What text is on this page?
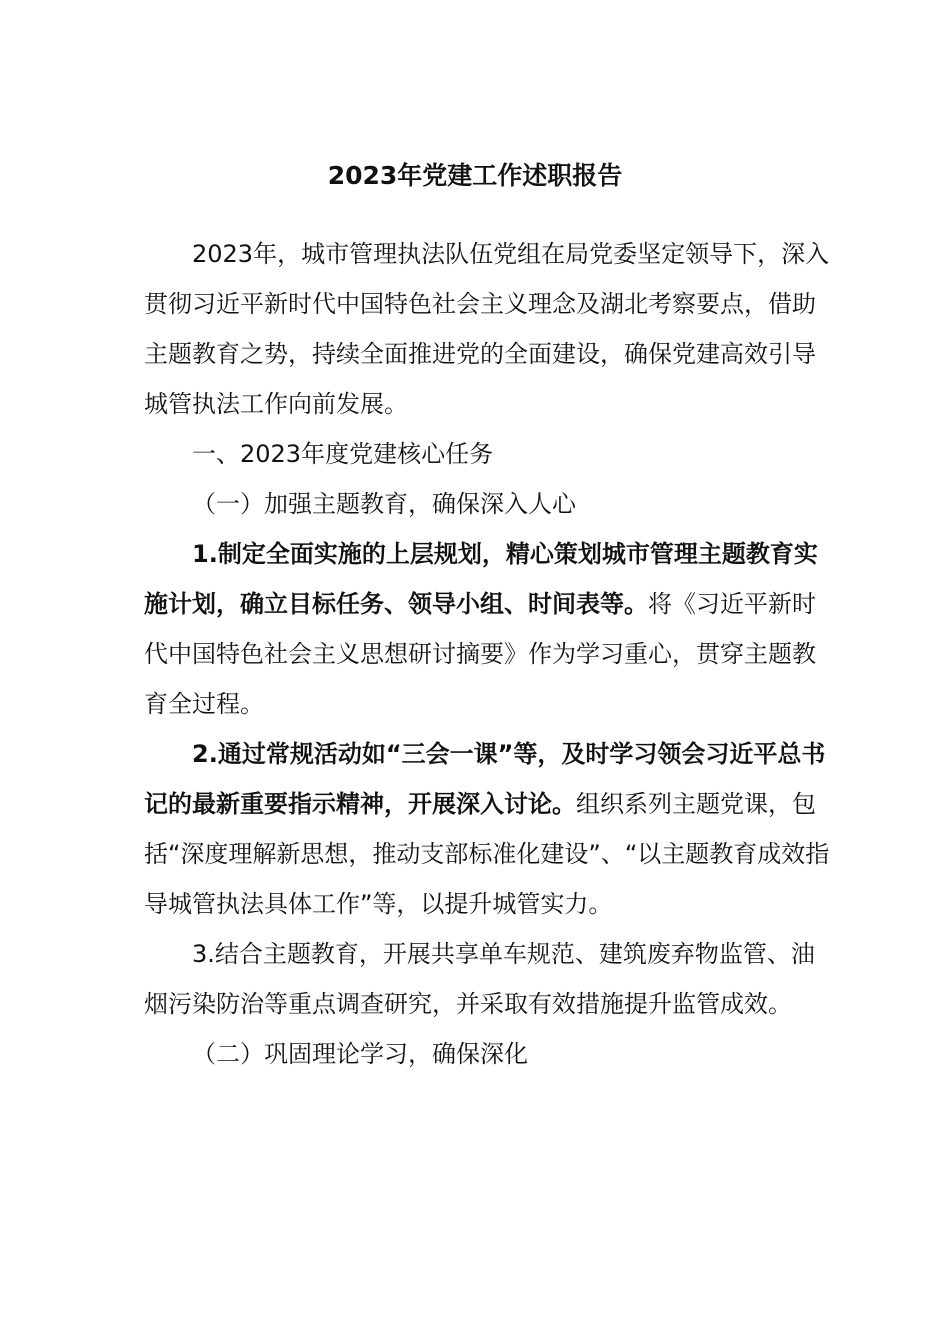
2023年党建工作述职报告

2023年，城市管理执法队伍党组在局党委坚定领导下，深入贯彻习近平新时代中国特色社会主义理念及湖北考察要点，借助主题教育之势，持续全面推进党的全面建设，确保党建高效引导城管执法工作向前发展。

一、2023年度党建核心任务

（一）加强主题教育，确保深入人心

1.制定全面实施的上层规划，精心策划城市管理主题教育实施计划，确立目标任务、领导小组、时间表等。将《习近平新时代中国特色社会主义思想研讨摘要》作为学习重心，贯穿主题教育全过程。

2.通过常规活动如“三会一课”等，及时学习领会习近平总书记的最新重要指示精神，开展深入讨论。组织系列主题党课，包括“深度理解新思想，推动支部标准化建设”、“以主题教育成效指导城管执法具体工作”等，以提升城管实力。

3.结合主题教育，开展共享单车规范、建筑废弃物监管、油烟污染防治等重点调查研究，并采取有效措施提升监管成效。

（二）巩固理论学习，确保深化
